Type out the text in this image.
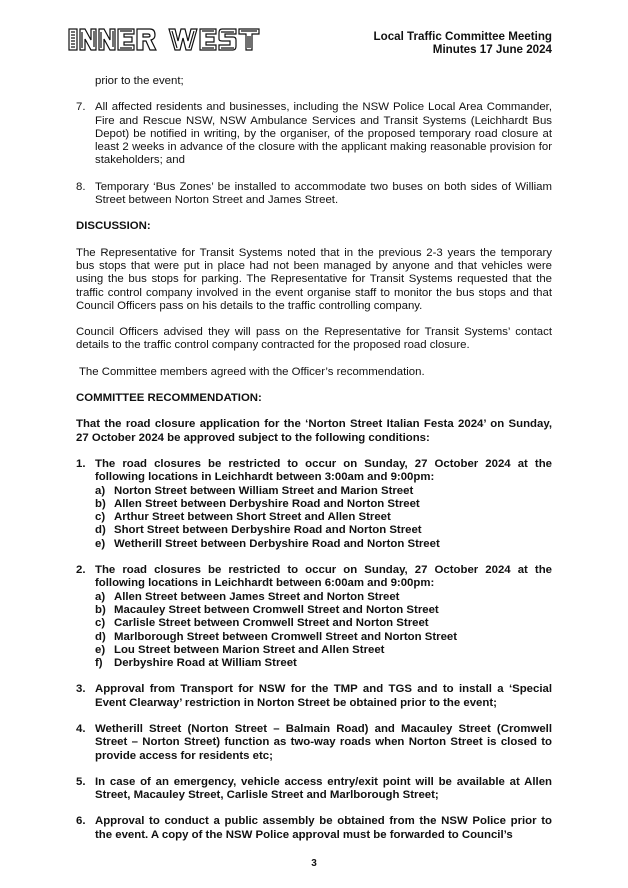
Local Traffic Committee Meeting
Minutes 17 June 2024

prior to the event;

7. All affected residents and businesses, including the NSW Police Local Area Commander, Fire and Rescue NSW, NSW Ambulance Services and Transit Systems (Leichhardt Bus Depot) be notified in writing, by the organiser, of the proposed temporary road closure at least 2 weeks in advance of the closure with the applicant making reasonable provision for stakeholders; and
8. Temporary ‘Bus Zones’ be installed to accommodate two buses on both sides of William Street between Norton Street and James Street.

DISCUSSION:

The Representative for Transit Systems noted that in the previous 2-3 years the temporary bus stops that were put in place had not been managed by anyone and that vehicles were using the bus stops for parking. The Representative for Transit Systems requested that the traffic control company involved in the event organise staff to monitor the bus stops and that Council Officers pass on his details to the traffic controlling company.

Council Officers advised they will pass on the Representative for Transit Systems’ contact details to the traffic control company contracted for the proposed road closure.

The Committee members agreed with the Officer’s recommendation.

COMMITTEE RECOMMENDATION:

That the road closure application for the ‘Norton Street Italian Festa 2024’ on Sunday, 27 October 2024 be approved subject to the following conditions:

1. The road closures be restricted to occur on Sunday, 27 October 2024 at the following locations in Leichhardt between 3:00am and 9:00pm:
a) Norton Street between William Street and Marion Street
b) Allen Street between Derbyshire Road and Norton Street
c) Arthur Street between Short Street and Allen Street
d) Short Street between Derbyshire Road and Norton Street
e) Wetherill Street between Derbyshire Road and Norton Street
2. The road closures be restricted to occur on Sunday, 27 October 2024 at the following locations in Leichhardt between 6:00am and 9:00pm:
a) Allen Street between James Street and Norton Street
b) Macauley Street between Cromwell Street and Norton Street
c) Carlisle Street between Cromwell Street and Norton Street
d) Marlborough Street between Cromwell Street and Norton Street
e) Lou Street between Marion Street and Allen Street
f) Derbyshire Road at William Street
3. Approval from Transport for NSW for the TMP and TGS and to install a ‘Special Event Clearway’ restriction in Norton Street be obtained prior to the event;
4. Wetherill Street (Norton Street – Balmain Road) and Macauley Street (Cromwell Street – Norton Street) function as two-way roads when Norton Street is closed to provide access for residents etc;
5. In case of an emergency, vehicle access entry/exit point will be available at Allen Street, Macauley Street, Carlisle Street and Marlborough Street;
6. Approval to conduct a public assembly be obtained from the NSW Police prior to the event. A copy of the NSW Police approval must be forwarded to Council’s
3
